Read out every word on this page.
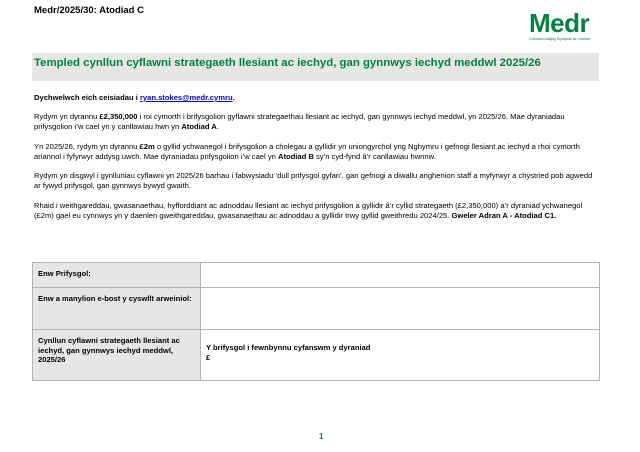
Medr/2025/30: Atodiad C	Medr
Comisiwn Addysg Drydyddol ac Ymchwil
Templed cynllun cyflawni strategaeth llesiant ac iechyd, gan gynnwys iechyd meddwl 2025/26

Dychwelwch eich ceisiadau i ryan.stokes@medr.cymru.

Rydym yn dyrannu £2,350,000 i roi cymorth i brifysgolion gyflawni strategaethau llesiant ac iechyd, gan gynnwys iechyd meddwl, yn 2025/26. Mae dyraniadau prifysgolion i’w cael yn y canllawiau hwn yn Atodiad A.

Yn 2025/26, rydym yn dyrannu £2m o gyllid ychwanegol i brifysgolion a cholegau a gyllidir yn uniongyrchol yng Nghymru i gefnogi llesiant ac iechyd a rhoi cymorth ariannol i fyfyrwyr addysg uwch. Mae dyraniadau prifysgolion i’w cael yn Atodiad B sy’n cyd-fynd â’r canllawiau hwnnw.

Rydym yn disgwyl i gynlluniau cyflawni yn 2025/26 barhau i fabwysiadu ‘dull prifysgol gyfan’, gan gefnogi a diwallu anghenion staff a myfyrwyr a chystried pob agwedd ar fywyd prifysgol, gan gynnwys bywyd gwaith.

Rhaid i weithgareddau, gwasanaethau, hyfforddiant ac adnoddau llesiant ac iechyd prifysgolion a gyllidir â’r cyllid strategaeth (£2,350,000) a’r dyraniad ychwanegol (£2m) gael eu cynnwys yn y daenlen gweithgareddau, gwasanaethau ac adnoddau a gyllidir trwy gyllid gweithredu 2024/25. Gweler Adran A - Atodiad C1.

Enw Prifysgol:	
Enw a manylion e-bost y cyswllt arweiniol:	
Cynllun cyflawni strategaeth llesiant ac iechyd, gan gynnwys iechyd meddwl, 2025/26	Y brifysgol i fewnbynnu cyfanswm y dyraniad
£
1
